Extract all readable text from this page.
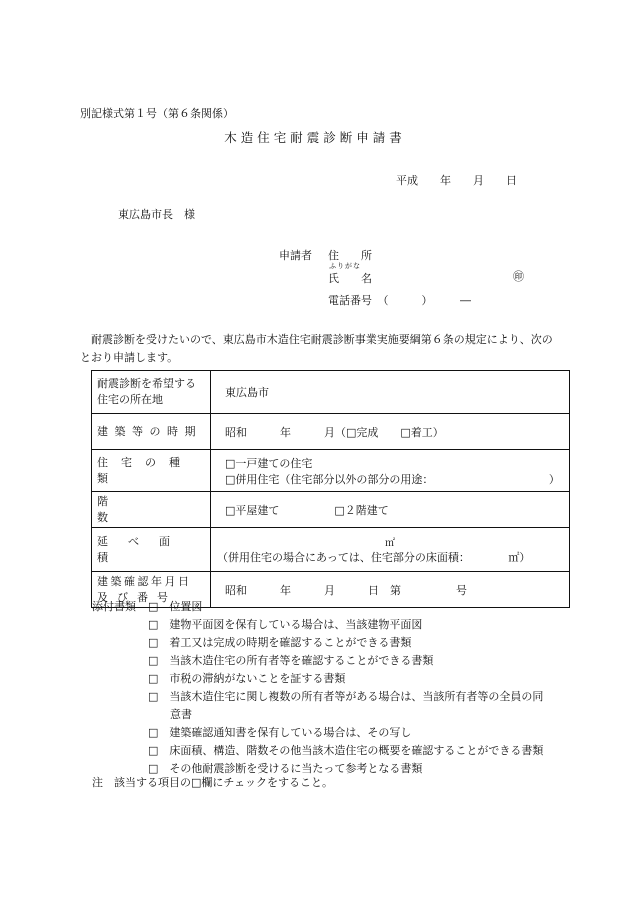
別記様式第１号（第６条関係）
木造住宅耐震診断申請書
平成　　年　　月　　日
東広島市長　様
申請者 住　　所
ふりがな
氏　　名	㊞
電話番号　（　　　）　　　―
耐震診断を受けたいので、東広島市木造住宅耐震診断事業実施要綱第６条の規定により、次のとおり申請します。
耐震診断を希望する住宅の所在地	東広島市

建築等の時期	昭和　　　年　　　月（□完成　　□着工）
住宅の種類	□一戸建ての住宅
□併用住宅（住宅部分以外の部分の用途：　　　　　　　　　　　）

階数	□平屋建て　　　　　□２階建て
延べ面積	㎡
（併用住宅の場合にあっては、住宅部分の床面積：　　　　㎡）

建築確認年月日
及び番号	昭和　　　年　　　月　　　日　第　　　　　号
添付書類 □　位置図
□　建物平面図を保有している場合は、当該建物平面図
□　着工又は完成の時期を確認することができる書類
□　当該木造住宅の所有者等を確認することができる書類
□　市税の滞納がないことを証する書類
□　当該木造住宅に関し複数の所有者等がある場合は、当該所有者等の全員の同
　　意書
□　建築確認通知書を保有している場合は、その写し
□　床面積、構造、階数その他当該木造住宅の概要を確認することができる書類
□　その他耐震診断を受けるに当たって参考となる書類
注　該当する項目の□欄にチェックをすること。
